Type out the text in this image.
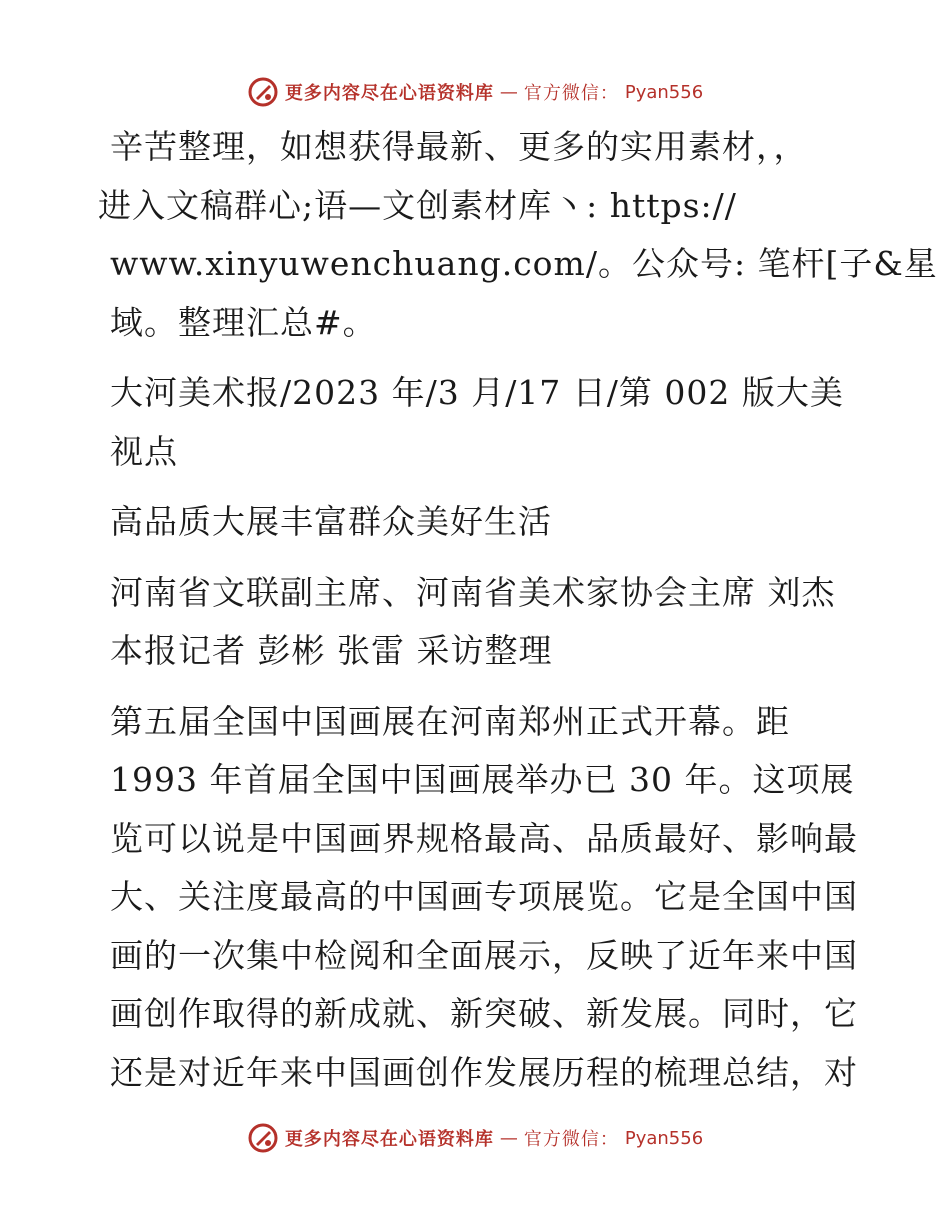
更多内容尽在心语资料库 — 官方微信： Pyan556

辛苦整理，如想获得最新、更多的实用素材，，
进入文稿群心;语—文创素材库丶: https://
www.xinyuwenchuang.com/。公众号: 笔杆[子&星
域。整理汇总#。

大河美术报/2023 年/3 月/17 日/第 002 版大美
视点

高品质大展丰富群众美好生活

河南省文联副主席、河南省美术家协会主席 刘杰
本报记者 彭彬 张雷 采访整理

第五届全国中国画展在河南郑州正式开幕。距
1993 年首届全国中国画展举办已 30 年。这项展
览可以说是中国画界规格最高、品质最好、影响最
大、关注度最高的中国画专项展览。它是全国中国
画的一次集中检阅和全面展示，反映了近年来中国
画创作取得的新成就、新突破、新发展。同时，它
还是对近年来中国画创作发展历程的梳理总结，对

更多内容尽在心语资料库 — 官方微信： Pyan556
